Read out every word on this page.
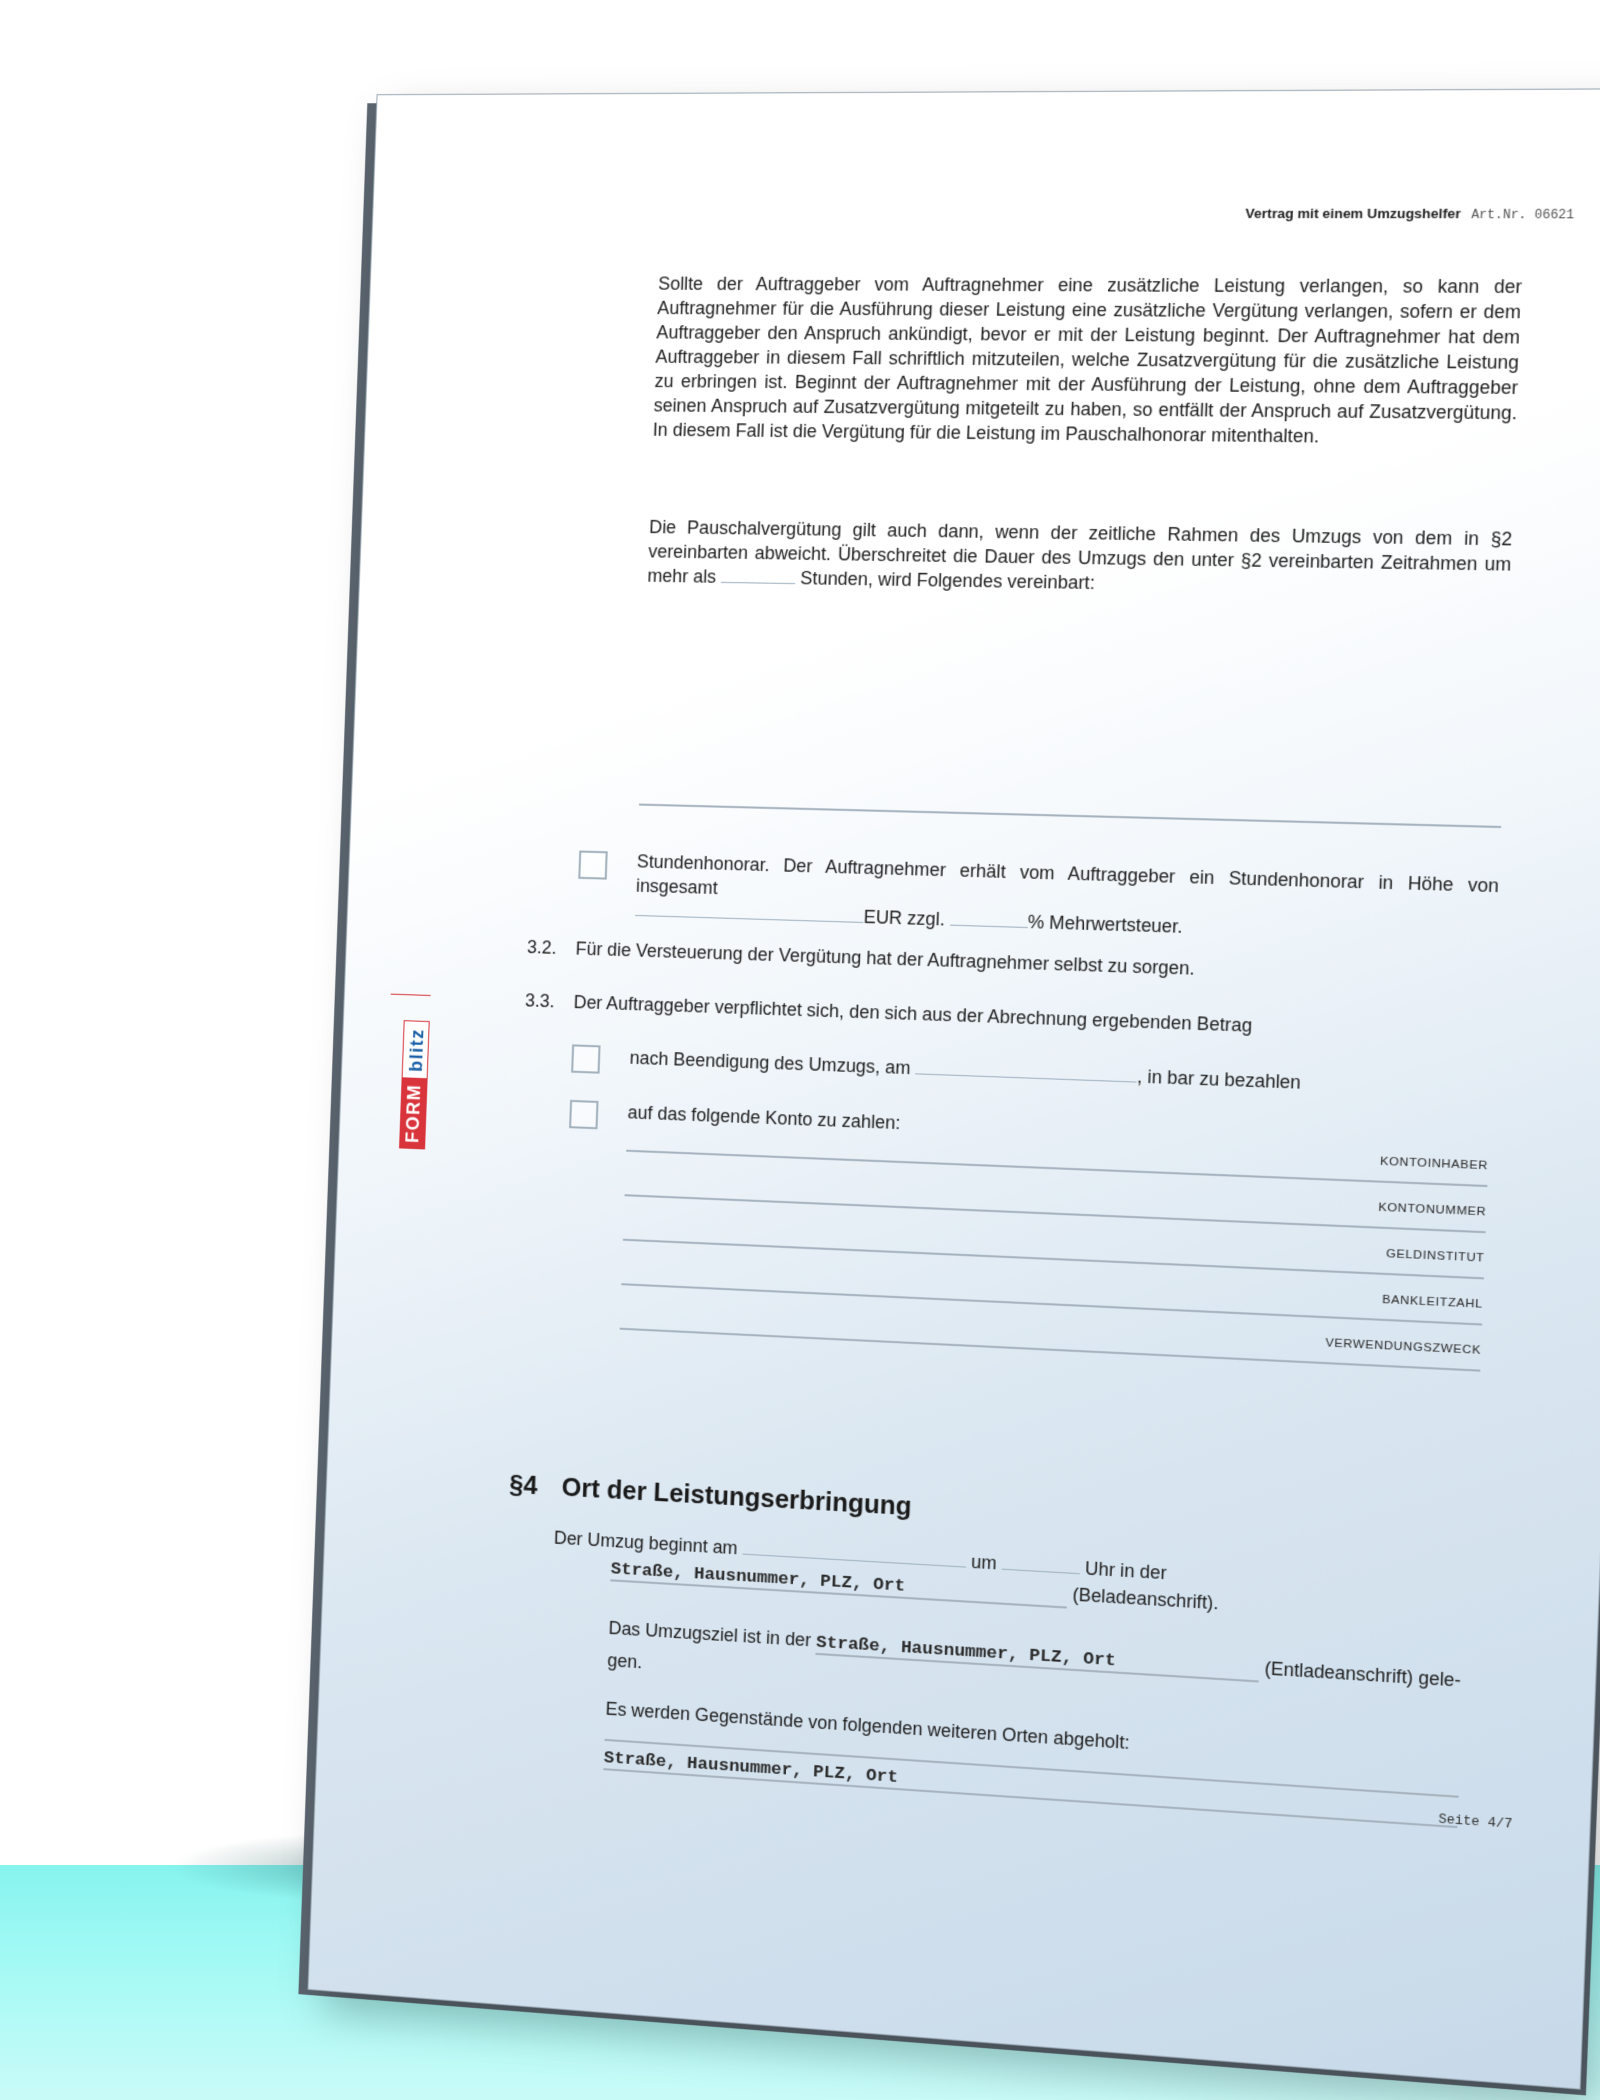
Vertrag mit einem Umzugshelfer Art.Nr. 06621
Sollte der Auftraggeber vom Auftragnehmer eine zusätzliche Leistung verlangen, so kann der Auftragnehmer für die Ausführung dieser Leistung eine zusätzliche Vergütung verlangen, sofern er dem Auftraggeber den Anspruch ankündigt, bevor er mit der Leistung beginnt. Der Auftragnehmer hat dem Auftraggeber in diesem Fall schriftlich mitzuteilen, welche Zusatzvergütung für die zusätzliche Leistung zu erbringen ist. Beginnt der Auftragnehmer mit der Ausführung der Leistung, ohne dem Auftraggeber seinen Anspruch auf Zusatzvergütung mitgeteilt zu haben, so entfällt der Anspruch auf Zusatzvergütung. In diesem Fall ist die Vergütung für die Leistung im Pauschalhonorar mitenthalten.
Die Pauschalvergütung gilt auch dann, wenn der zeitliche Rahmen des Umzugs von dem in §2 vereinbarten abweicht. Überschreitet die Dauer des Umzugs den unter §2 vereinbarten Zeitrahmen um mehr als	Stunden, wird Folgendes vereinbart:
Stundenhonorar. Der Auftragnehmer erhält vom Auftraggeber ein Stundenhonorar in Höhe von insgesamt
EUR zzgl.	% Mehrwertsteuer.
3.2. Für die Versteuerung der Vergütung hat der Auftragnehmer selbst zu sorgen.
3.3. Der Auftraggeber verpflichtet sich, den sich aus der Abrechnung ergebenden Betrag
nach Beendigung des Umzugs, am , in bar zu bezahlen
auf das folgende Konto zu zahlen:
KONTOINHABER
KONTONUMMER
GELDINSTITUT
BANKLEITZAHL
VERWENDUNGSZWECK
§4 Ort der Leistungserbringung
Der Umzug beginnt am  um	Uhr in der
Straße, Hausnummer, PLZ, Ort (Beladeanschrift).
Das Umzugsziel ist in der Straße, Hausnummer, PLZ, Ort (Entladeanschrift) gele-
gen.
Es werden Gegenstände von folgenden weiteren Orten abgeholt:
Straße, Hausnummer, PLZ, Ort
FORM
blitz
Seite 4/7
